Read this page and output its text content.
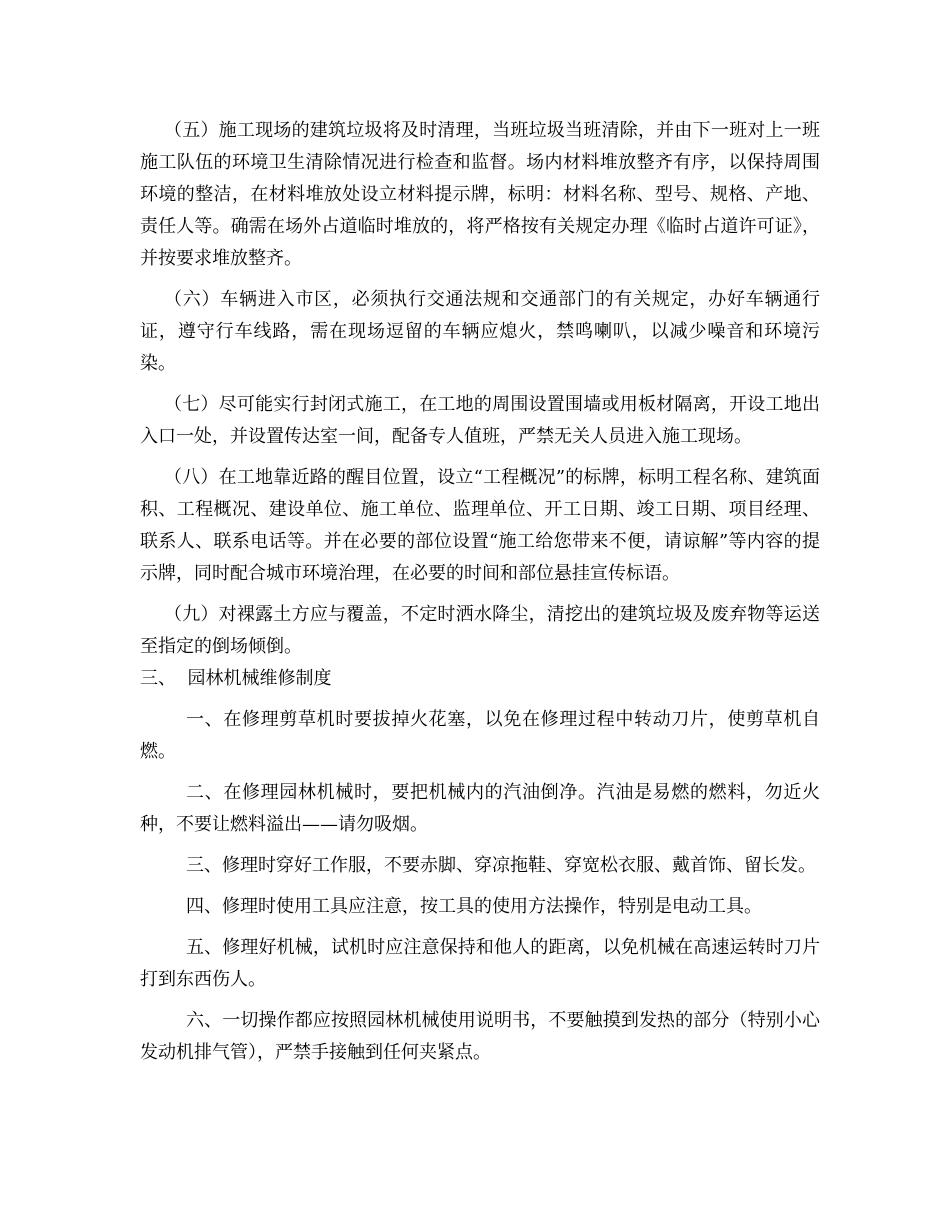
（五）施工现场的建筑垃圾将及时清理，当班垃圾当班清除，并由下一班对上一班施工队伍的环境卫生清除情况进行检查和监督。场内材料堆放整齐有序，以保持周围环境的整洁，在材料堆放处设立材料提示牌，标明：材料名称、型号、规格、产地、责任人等。确需在场外占道临时堆放的，将严格按有关规定办理《临时占道许可证》，并按要求堆放整齐。

（六）车辆进入市区，必须执行交通法规和交通部门的有关规定，办好车辆通行证，遵守行车线路，需在现场逗留的车辆应熄火，禁鸣喇叭，以减少噪音和环境污染。

（七）尽可能实行封闭式施工，在工地的周围设置围墙或用板材隔离，开设工地出入口一处，并设置传达室一间，配备专人值班，严禁无关人员进入施工现场。

（八）在工地靠近路的醒目位置，设立“工程概况”的标牌，标明工程名称、建筑面积、工程概况、建设单位、施工单位、监理单位、开工日期、竣工日期、项目经理、联系人、联系电话等。并在必要的部位设置“施工给您带来不便，请谅解”等内容的提示牌，同时配合城市环境治理，在必要的时间和部位悬挂宣传标语。

（九）对裸露土方应与覆盖，不定时洒水降尘，清挖出的建筑垃圾及废弃物等运送至指定的倒场倾倒。

三、  园林机械维修制度

一、在修理剪草机时要拔掉火花塞，以免在修理过程中转动刀片，使剪草机自燃。

二、在修理园林机械时，要把机械内的汽油倒净。汽油是易燃的燃料，勿近火种，不要让燃料溢出——请勿吸烟。

三、修理时穿好工作服，不要赤脚、穿凉拖鞋、穿宽松衣服、戴首饰、留长发。

四、修理时使用工具应注意，按工具的使用方法操作，特别是电动工具。

五、修理好机械，试机时应注意保持和他人的距离，以免机械在高速运转时刀片打到东西伤人。

六、一切操作都应按照园林机械使用说明书，不要触摸到发热的部分（特别小心发动机排气管），严禁手接触到任何夹紧点。
